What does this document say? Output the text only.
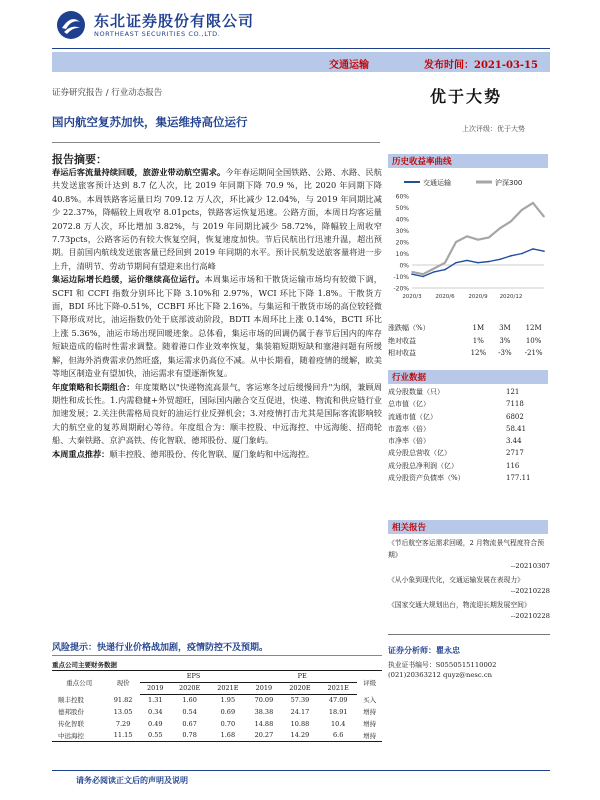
东北证券股份有限公司
NORTHEAST SECURITIES CO.,LTD.
交通运输	发布时间：2021-03-15
证券研究报告 / 行业动态报告	优于大势
国内航空复苏加快，集运维持高位运行	上次评级：优于大势
报告摘要：

春运后客流量持续回暖，旅游业带动航空需求。今年春运期间全国铁路、公路、水路、民航共发送旅客预计达到 8.7 亿人次，比 2019 年同期下降 70.9 %，比 2020 年同期下降 40.8%。本周铁路客运量日均 709.12 万人次，环比减少 12.04%，与 2019 年同期比减少 22.37%，降幅较上周收窄 8.01pcts，铁路客运恢复迅速。公路方面，本周日均客运量 2072.8 万人次，环比增加 3.82%，与 2019 年同期比减少 58.72%，降幅较上周收窄 7.73pcts，公路客运仍有较大恢复空间，恢复速度加快。节后民航出行迅速升温，超出预期。目前国内航线发送旅客量已经回到 2019 年同期的水平。预计民航发送旅客量将进一步上升，清明节、劳动节期间有望迎来出行高峰

集运边际增长趋缓，运价继续高位运行。本周集运市场和干散货运输市场均有较微下调，SCFI 和 CCFI 指数分别环比下降 3.10%和 2.97%，WCI 环比下降 1.8%。干散货方面，BDI 环比下降-0.51%，CCBFI 环比下降 2.16%。与集运和干散货市场的高位较轻微下降形成对比，油运指数仍处于底部波动阶段，BDTI 本周环比上涨 0.14%，BCTI 环比上涨 5.36%，油运市场出现回暖迹象。总体看，集运市场的回调仍属于春节后国内的库存短缺造成的临时性需求调整。随着港口作业效率恢复，集装箱短期短缺和塞港问题有所缓解，但海外消费需求仍然旺盛，集运需求仍高位不减。从中长期看，随着疫情的缓解，欧美等地区制造业有望加快，油运需求有望逐渐恢复。

年度策略和长期组合：年度策略以"快递物流高景气，客运寒冬过后缓慢回升"为纲，兼顾周期性和成长性。1.内需稳健+外贸超旺，国际国内融合交互促进，快递、物流和供应链行业加速发展；2.关注供需格局良好的油运行业反弹机会；3.对疫情打击尤其是国际客流影响较大的航空业的复苏周期耐心等待。年度组合为：顺丰控股、中远海控、中远海能、招商轮船、大秦铁路、京沪高铁、传化智联、德邦股份、厦门象屿。

本周重点推荐：顺丰控股、德邦股份、传化智联、厦门象屿和中远海控。

历史收益率曲线
交通运输	沪深300
-20%
-10%
0%
10%
20%
30%
40%
50%
60%
2020/3 2020/6 2020/9 2020/12
涨跌幅（%）	1M	3M	12M
绝对收益	1%	3%	10%
相对收益	12%	-3%	-21%
行业数据
成分股数量（只）	121
总市值（亿）	7118
流通市值（亿）	6802
市盈率（倍）	58.41
市净率（倍）	3.44
成分股总营收（亿）	2717
成分股总净利润（亿）	116
成分股资产负债率（%）	177.11
相关报告
《节后航空客运需求回暖，2 月物流景气程度符合预期》
--20210307
《从小象到现代化，交通运输发展在表现力》
--20210228
《国家交通大规划出台，物流迎长期发展空间》
--20210228
证券分析师：瞿永忠
执业证书编号：S0550515110002
(021)20363212 quyz@nesc.cn
风险提示：快递行业价格战加剧，疫情防控不及预期。
重点公司主要财务数据
重点公司	现价	EPS			PE			评级
		2019	2020E	2021E	2019	2020E	2021E	
顺丰控股	91.82	1.31	1.60	1.95	70.09	57.39	47.09	买入
德邦股份	13.05	0.34	0.54	0.69	38.38	24.17	18.91	增持
传化智联	7.29	0.49	0.67	0.70	14.88	10.88	10.4	增持
中远海控	11.15	0.55	0.78	1.68	20.27	14.29	6.6	增持
请务必阅读正文后的声明及说明
